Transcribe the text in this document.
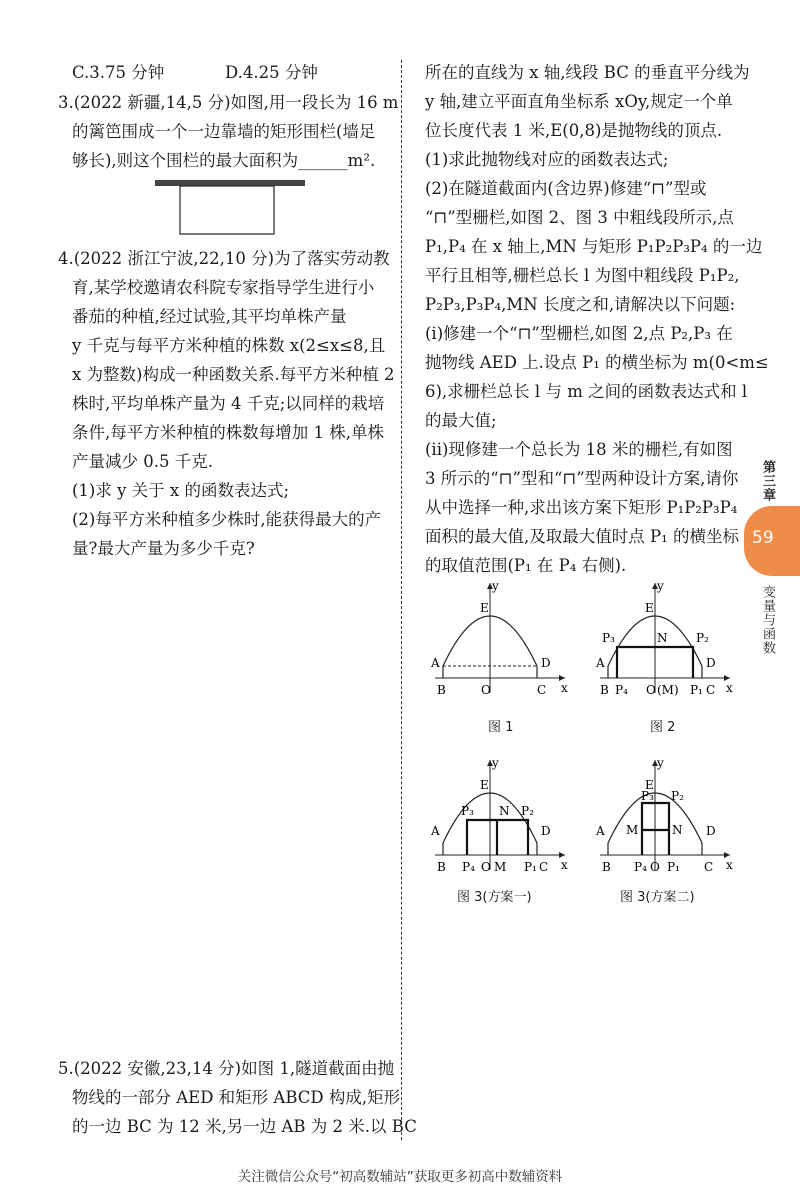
C.3.75 分钟	D.4.25 分钟
3.(2022 新疆,14,5 分)如图,用一段长为 16 m
的篱笆围成一个一边靠墙的矩形围栏(墙足
够长),则这个围栏的最大面积为______m².
4.(2022 浙江宁波,22,10 分)为了落实劳动教
育,某学校邀请农科院专家指导学生进行小
番茄的种植,经过试验,其平均单株产量
y 千克与每平方米种植的株数 x(2≤x≤8,且
x 为整数)构成一种函数关系.每平方米种植 2
株时,平均单株产量为 4 千克;以同样的栽培
条件,每平方米种植的株数每增加 1 株,单株
产量减少 0.5 千克.
(1)求 y 关于 x 的函数表达式;
(2)每平方米种植多少株时,能获得最大的产
量?最大产量为多少千克?
5.(2022 安徽,23,14 分)如图 1,隧道截面由抛
物线的一部分 AED 和矩形 ABCD 构成,矩形
的一边 BC 为 12 米,另一边 AB 为 2 米.以 BC
所在的直线为 x 轴,线段 BC 的垂直平分线为
y 轴,建立平面直角坐标系 xOy,规定一个单
位长度代表 1 米,E(0,8)是抛物线的顶点.
(1)求此抛物线对应的函数表达式;
(2)在隧道截面内(含边界)修建“⊓”型或
“⊓”型栅栏,如图 2、图 3 中粗线段所示,点
P₁,P₄ 在 x 轴上,MN 与矩形 P₁P₂P₃P₄ 的一边
平行且相等,栅栏总长 l 为图中粗线段 P₁P₂,
P₂P₃,P₃P₄,MN 长度之和,请解决以下问题:
(i)修建一个“⊓”型栅栏,如图 2,点 P₂,P₃ 在
抛物线 AED 上.设点 P₁ 的横坐标为 m(0<m≤
6),求栅栏总长 l 与 m 之间的函数表达式和 l
的最大值;
(ii)现修建一个总长为 18 米的栅栏,有如图
3 所示的“⊓”型和“⊓”型两种设计方案,请你
从中选择一种,求出该方案下矩形 P₁P₂P₃P₄
面积的最大值,及取最大值时点 P₁ 的横坐标
的取值范围(P₁ 在 P₄ 右侧).
y
E
A	D
B	O	C x
图 1
y
E
P₃	N P₂
A	D
B P₄ O (M) P₁ C x
图 2
y
E
P₃ N P₂
A	D
B P₄ O M P₁ C x
图 3(方案一)
y
E
P₃ P₂
M	N
A	D
B P₄ O P₁ C x
图 3(方案二)
第三章
59
变量与函数
关注微信公众号“初高数辅站”获取更多初高中数辅资料
